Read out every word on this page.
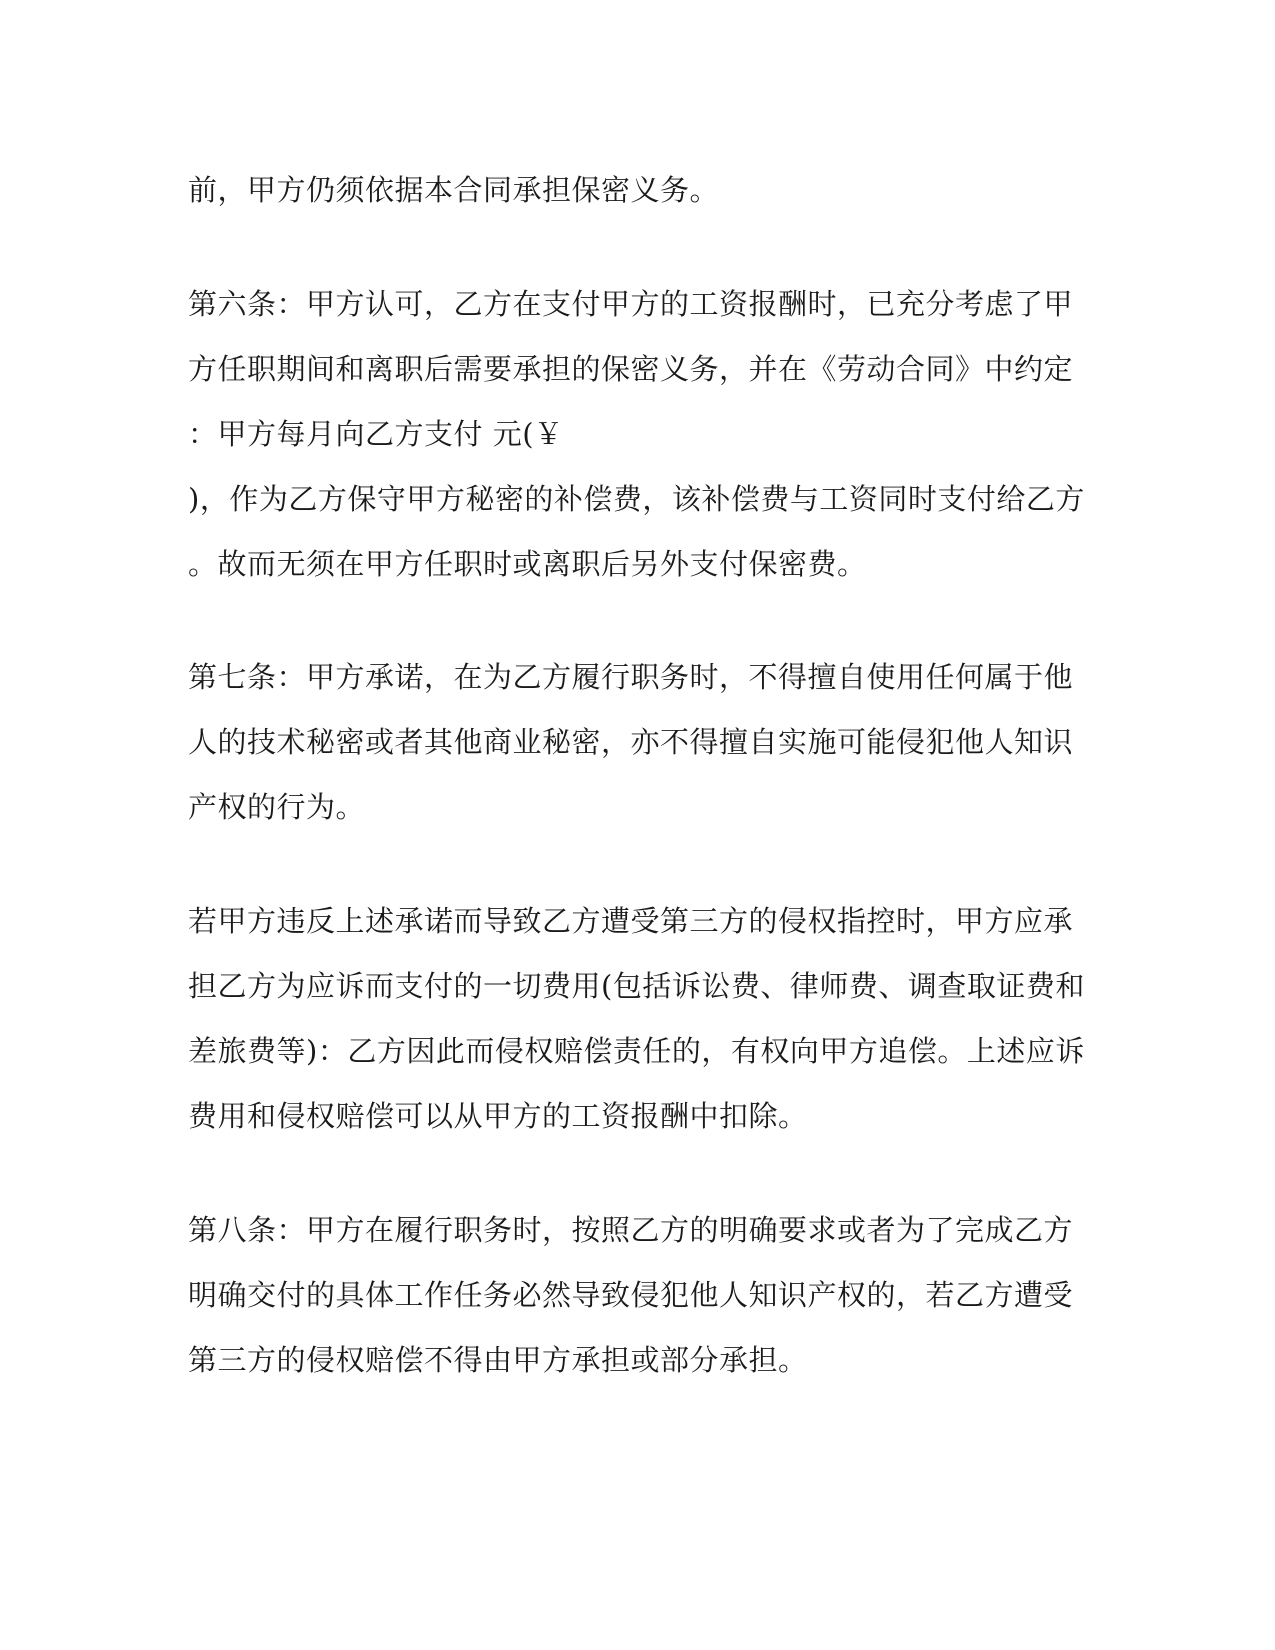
前，甲方仍须依据本合同承担保密义务。
第六条：甲方认可，乙方在支付甲方的工资报酬时，已充分考虑了甲
方任职期间和离职后需要承担的保密义务，并在《劳动合同》中约定
：甲方每月向乙方支付 元(￥
)，作为乙方保守甲方秘密的补偿费，该补偿费与工资同时支付给乙方
。故而无须在甲方任职时或离职后另外支付保密费。
第七条：甲方承诺，在为乙方履行职务时，不得擅自使用任何属于他
人的技术秘密或者其他商业秘密，亦不得擅自实施可能侵犯他人知识
产权的行为。
若甲方违反上述承诺而导致乙方遭受第三方的侵权指控时，甲方应承
担乙方为应诉而支付的一切费用(包括诉讼费、律师费、调查取证费和
差旅费等)：乙方因此而侵权赔偿责任的，有权向甲方追偿。上述应诉
费用和侵权赔偿可以从甲方的工资报酬中扣除。
第八条：甲方在履行职务时，按照乙方的明确要求或者为了完成乙方
明确交付的具体工作任务必然导致侵犯他人知识产权的，若乙方遭受
第三方的侵权赔偿不得由甲方承担或部分承担。
